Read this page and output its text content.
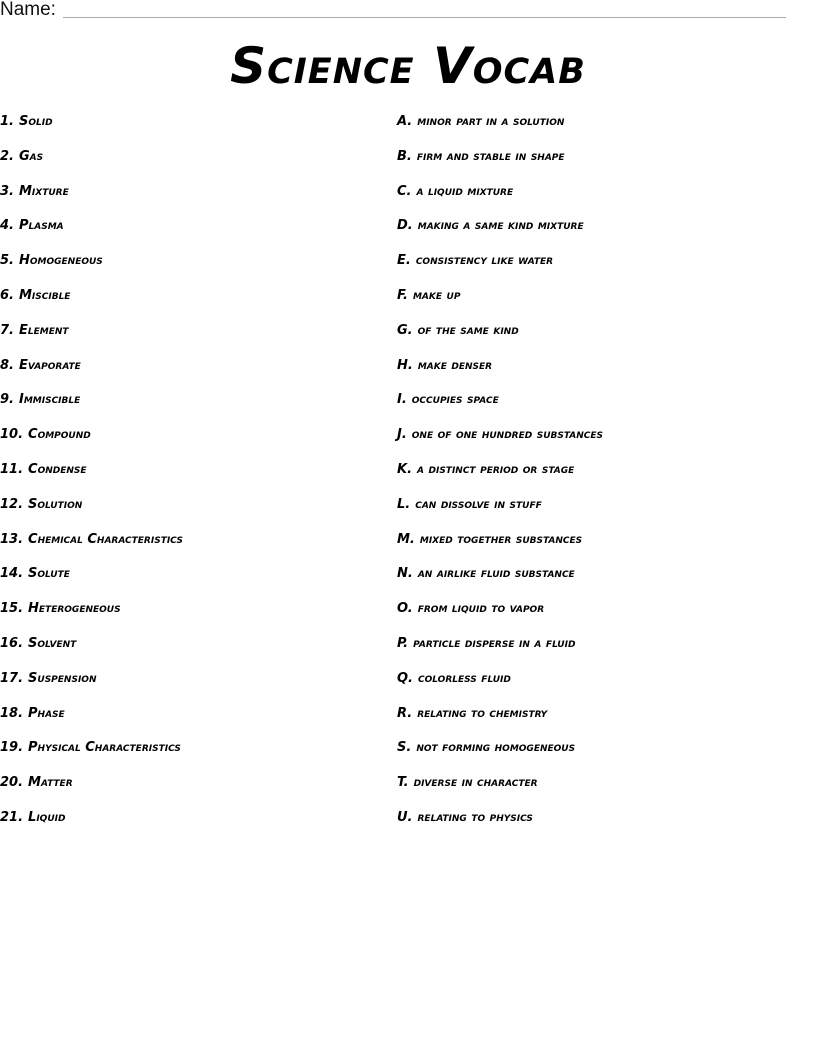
Name:
Science Vocab
1. Solid
2. Gas
3. Mixture
4. Plasma
5. Homogeneous
6. Miscible
7. Element
8. Evaporate
9. Immiscible
10. Compound
11. Condense
12. Solution
13. Chemical Characteristics
14. Solute
15. Heterogeneous
16. Solvent
17. Suspension
18. Phase
19. Physical Characteristics
20. Matter
21. Liquid
A. minor part in a solution
B. firm and stable in shape
C. a liquid mixture
D. making a same kind mixture
E. consistency like water
F. make up
G. of the same kind
H. make denser
I. occupies space
J. one of one hundred substances
K. a distinct period or stage
L. can dissolve in stuff
M. mixed together substances
N. an airlike fluid substance
O. from liquid to vapor
P. particle disperse in a fluid
Q. colorless fluid
R. relating to chemistry
S. not forming homogeneous
T. diverse in character
U. relating to physics
